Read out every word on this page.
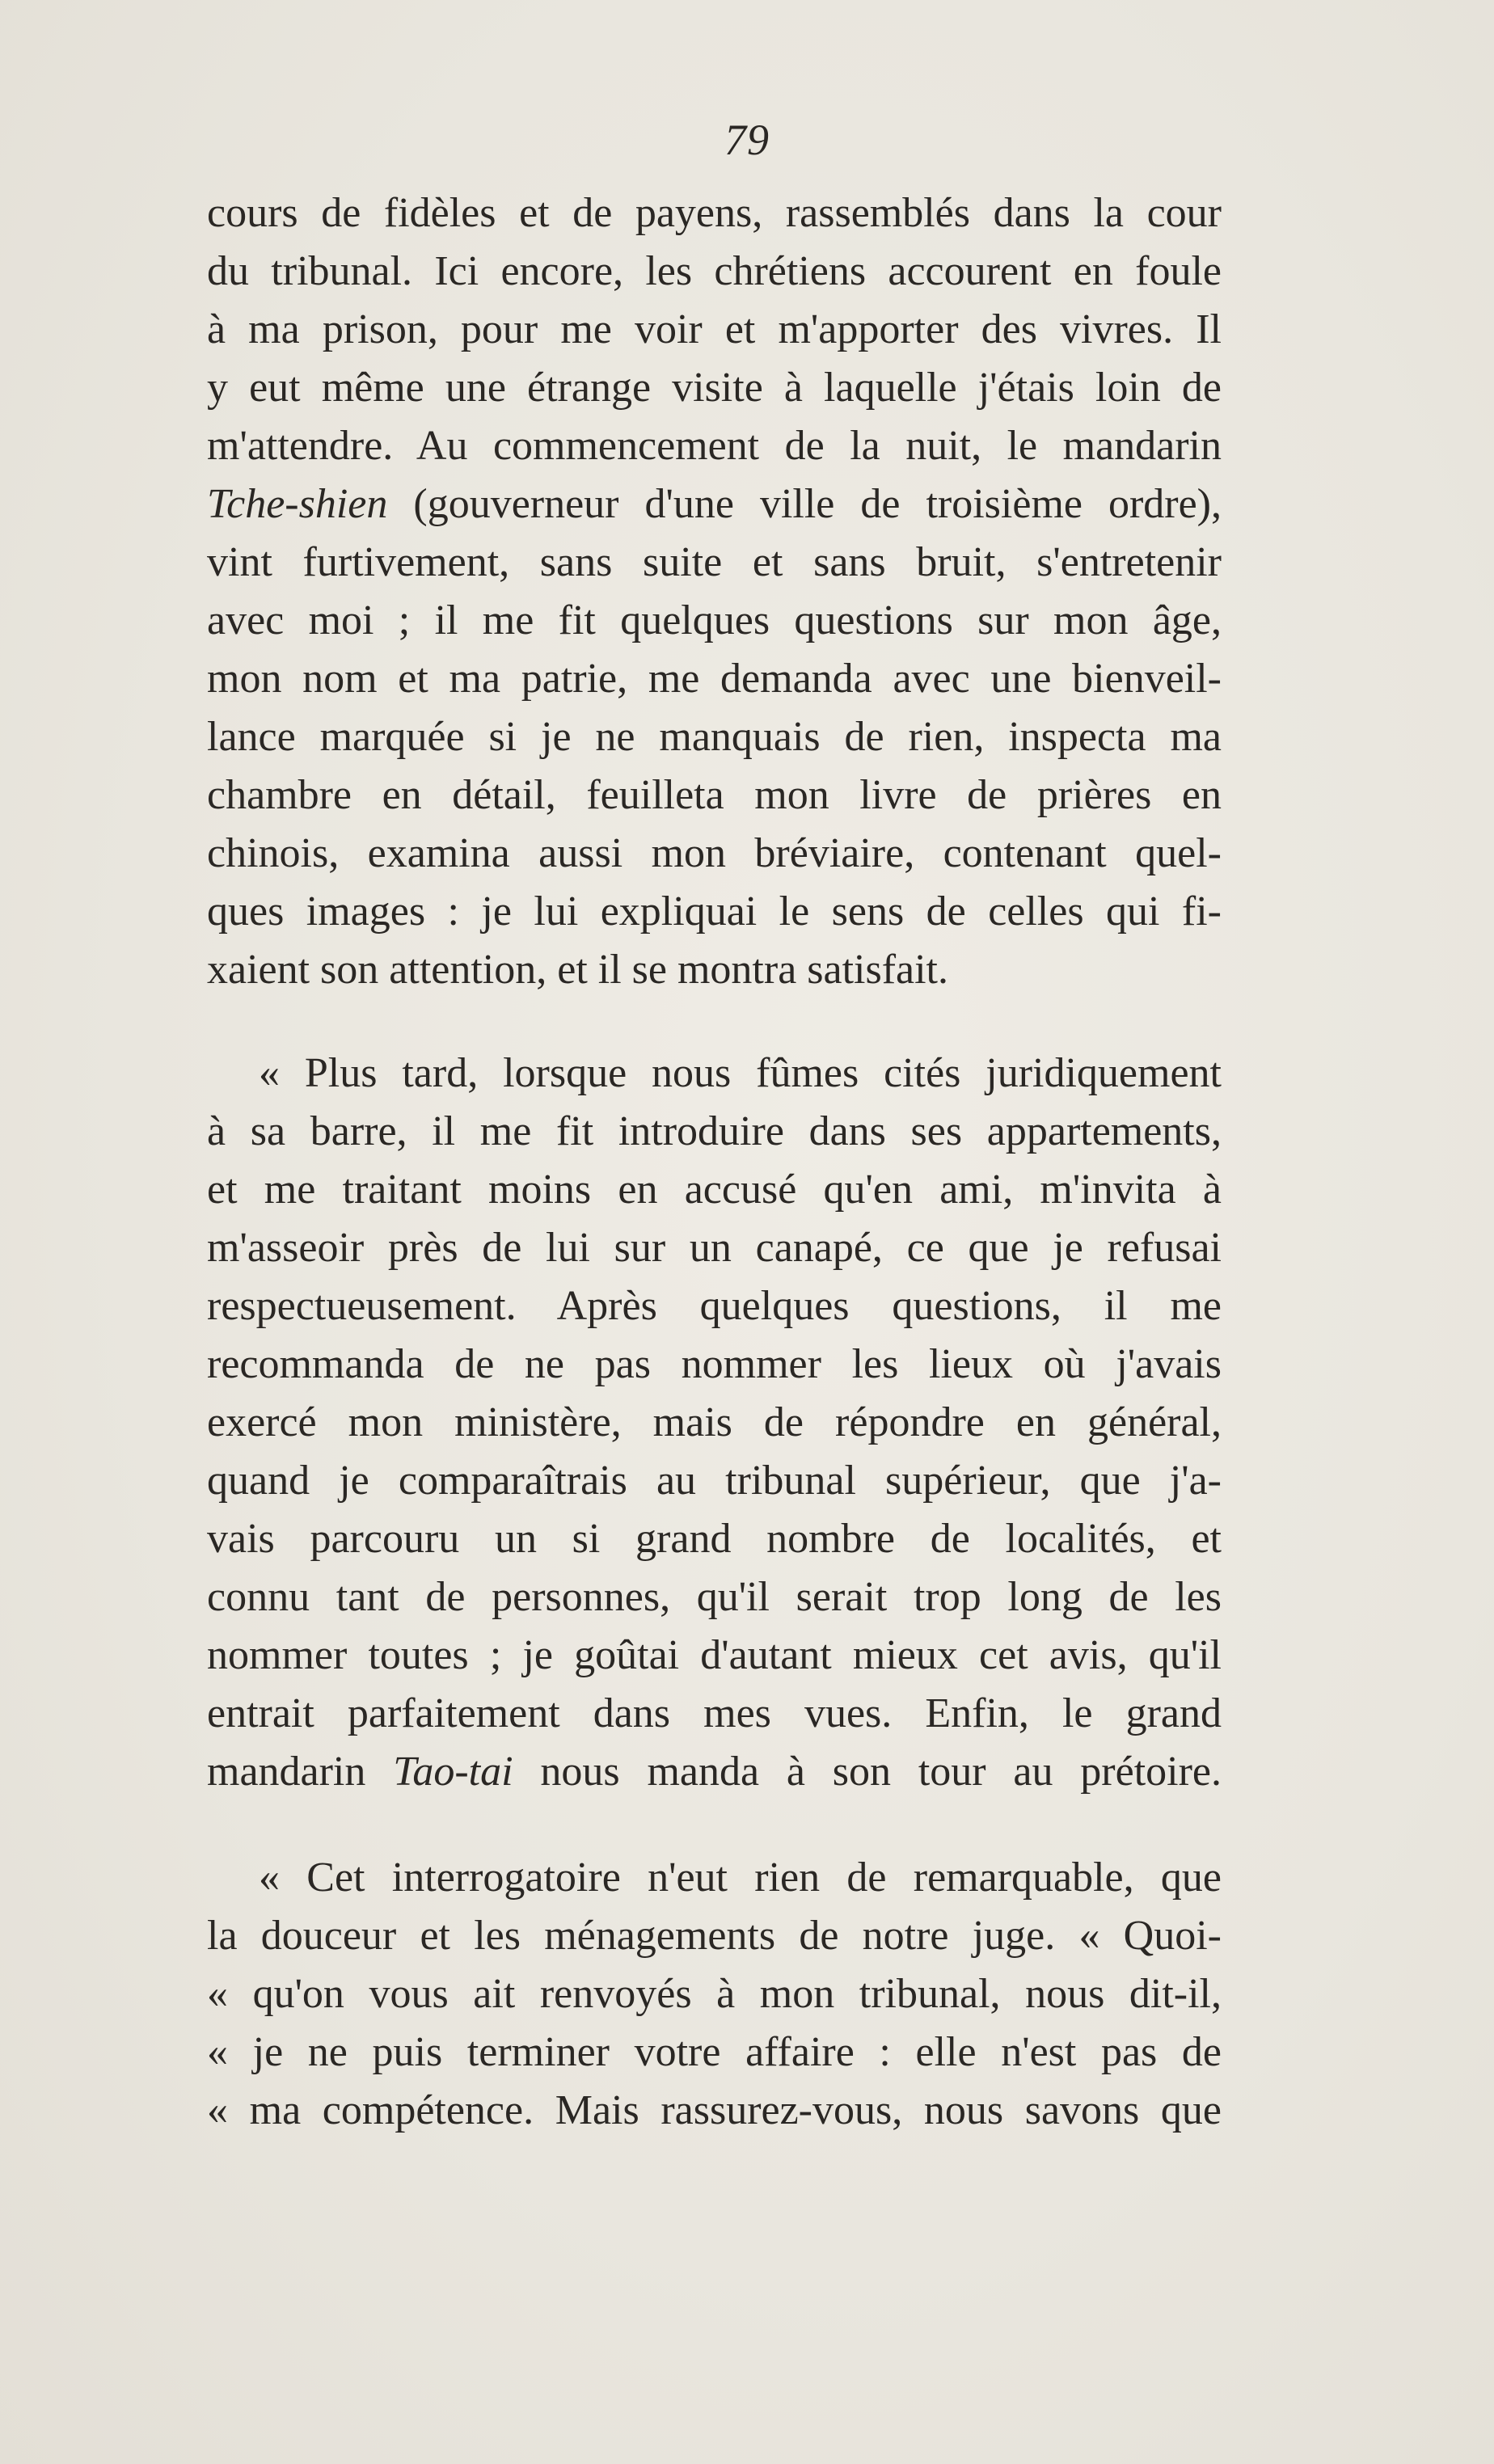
79
cours de fidèles et de payens, rassemblés dans la cour
du tribunal. Ici encore, les chrétiens accourent en foule
à ma prison, pour me voir et m'apporter des vivres. Il
y eut même une étrange visite à laquelle j'étais loin de
m'attendre. Au commencement de la nuit, le mandarin
Tche-shien (gouverneur d'une ville de troisième ordre),
vint furtivement, sans suite et sans bruit, s'entretenir
avec moi ; il me fit quelques questions sur mon âge,
mon nom et ma patrie, me demanda avec une bienveil-
lance marquée si je ne manquais de rien, inspecta ma
chambre en détail, feuilleta mon livre de prières en
chinois, examina aussi mon bréviaire, contenant quel-
ques images : je lui expliquai le sens de celles qui fi-
xaient son attention, et il se montra satisfait.
« Plus tard, lorsque nous fûmes cités juridiquement
à sa barre, il me fit introduire dans ses appartements,
et me traitant moins en accusé qu'en ami, m'invita à
m'asseoir près de lui sur un canapé, ce que je refusai
respectueusement. Après quelques questions, il me
recommanda de ne pas nommer les lieux où j'avais
exercé mon ministère, mais de répondre en général,
quand je comparaîtrais au tribunal supérieur, que j'a-
vais parcouru un si grand nombre de localités, et
connu tant de personnes, qu'il serait trop long de les
nommer toutes ; je goûtai d'autant mieux cet avis, qu'il
entrait parfaitement dans mes vues. Enfin, le grand
mandarin Tao-tai nous manda à son tour au prétoire.
« Cet interrogatoire n'eut rien de remarquable, que
la douceur et les ménagements de notre juge. « Quoi-
« qu'on vous ait renvoyés à mon tribunal, nous dit-il,
« je ne puis terminer votre affaire : elle n'est pas de
« ma compétence. Mais rassurez-vous, nous savons que
